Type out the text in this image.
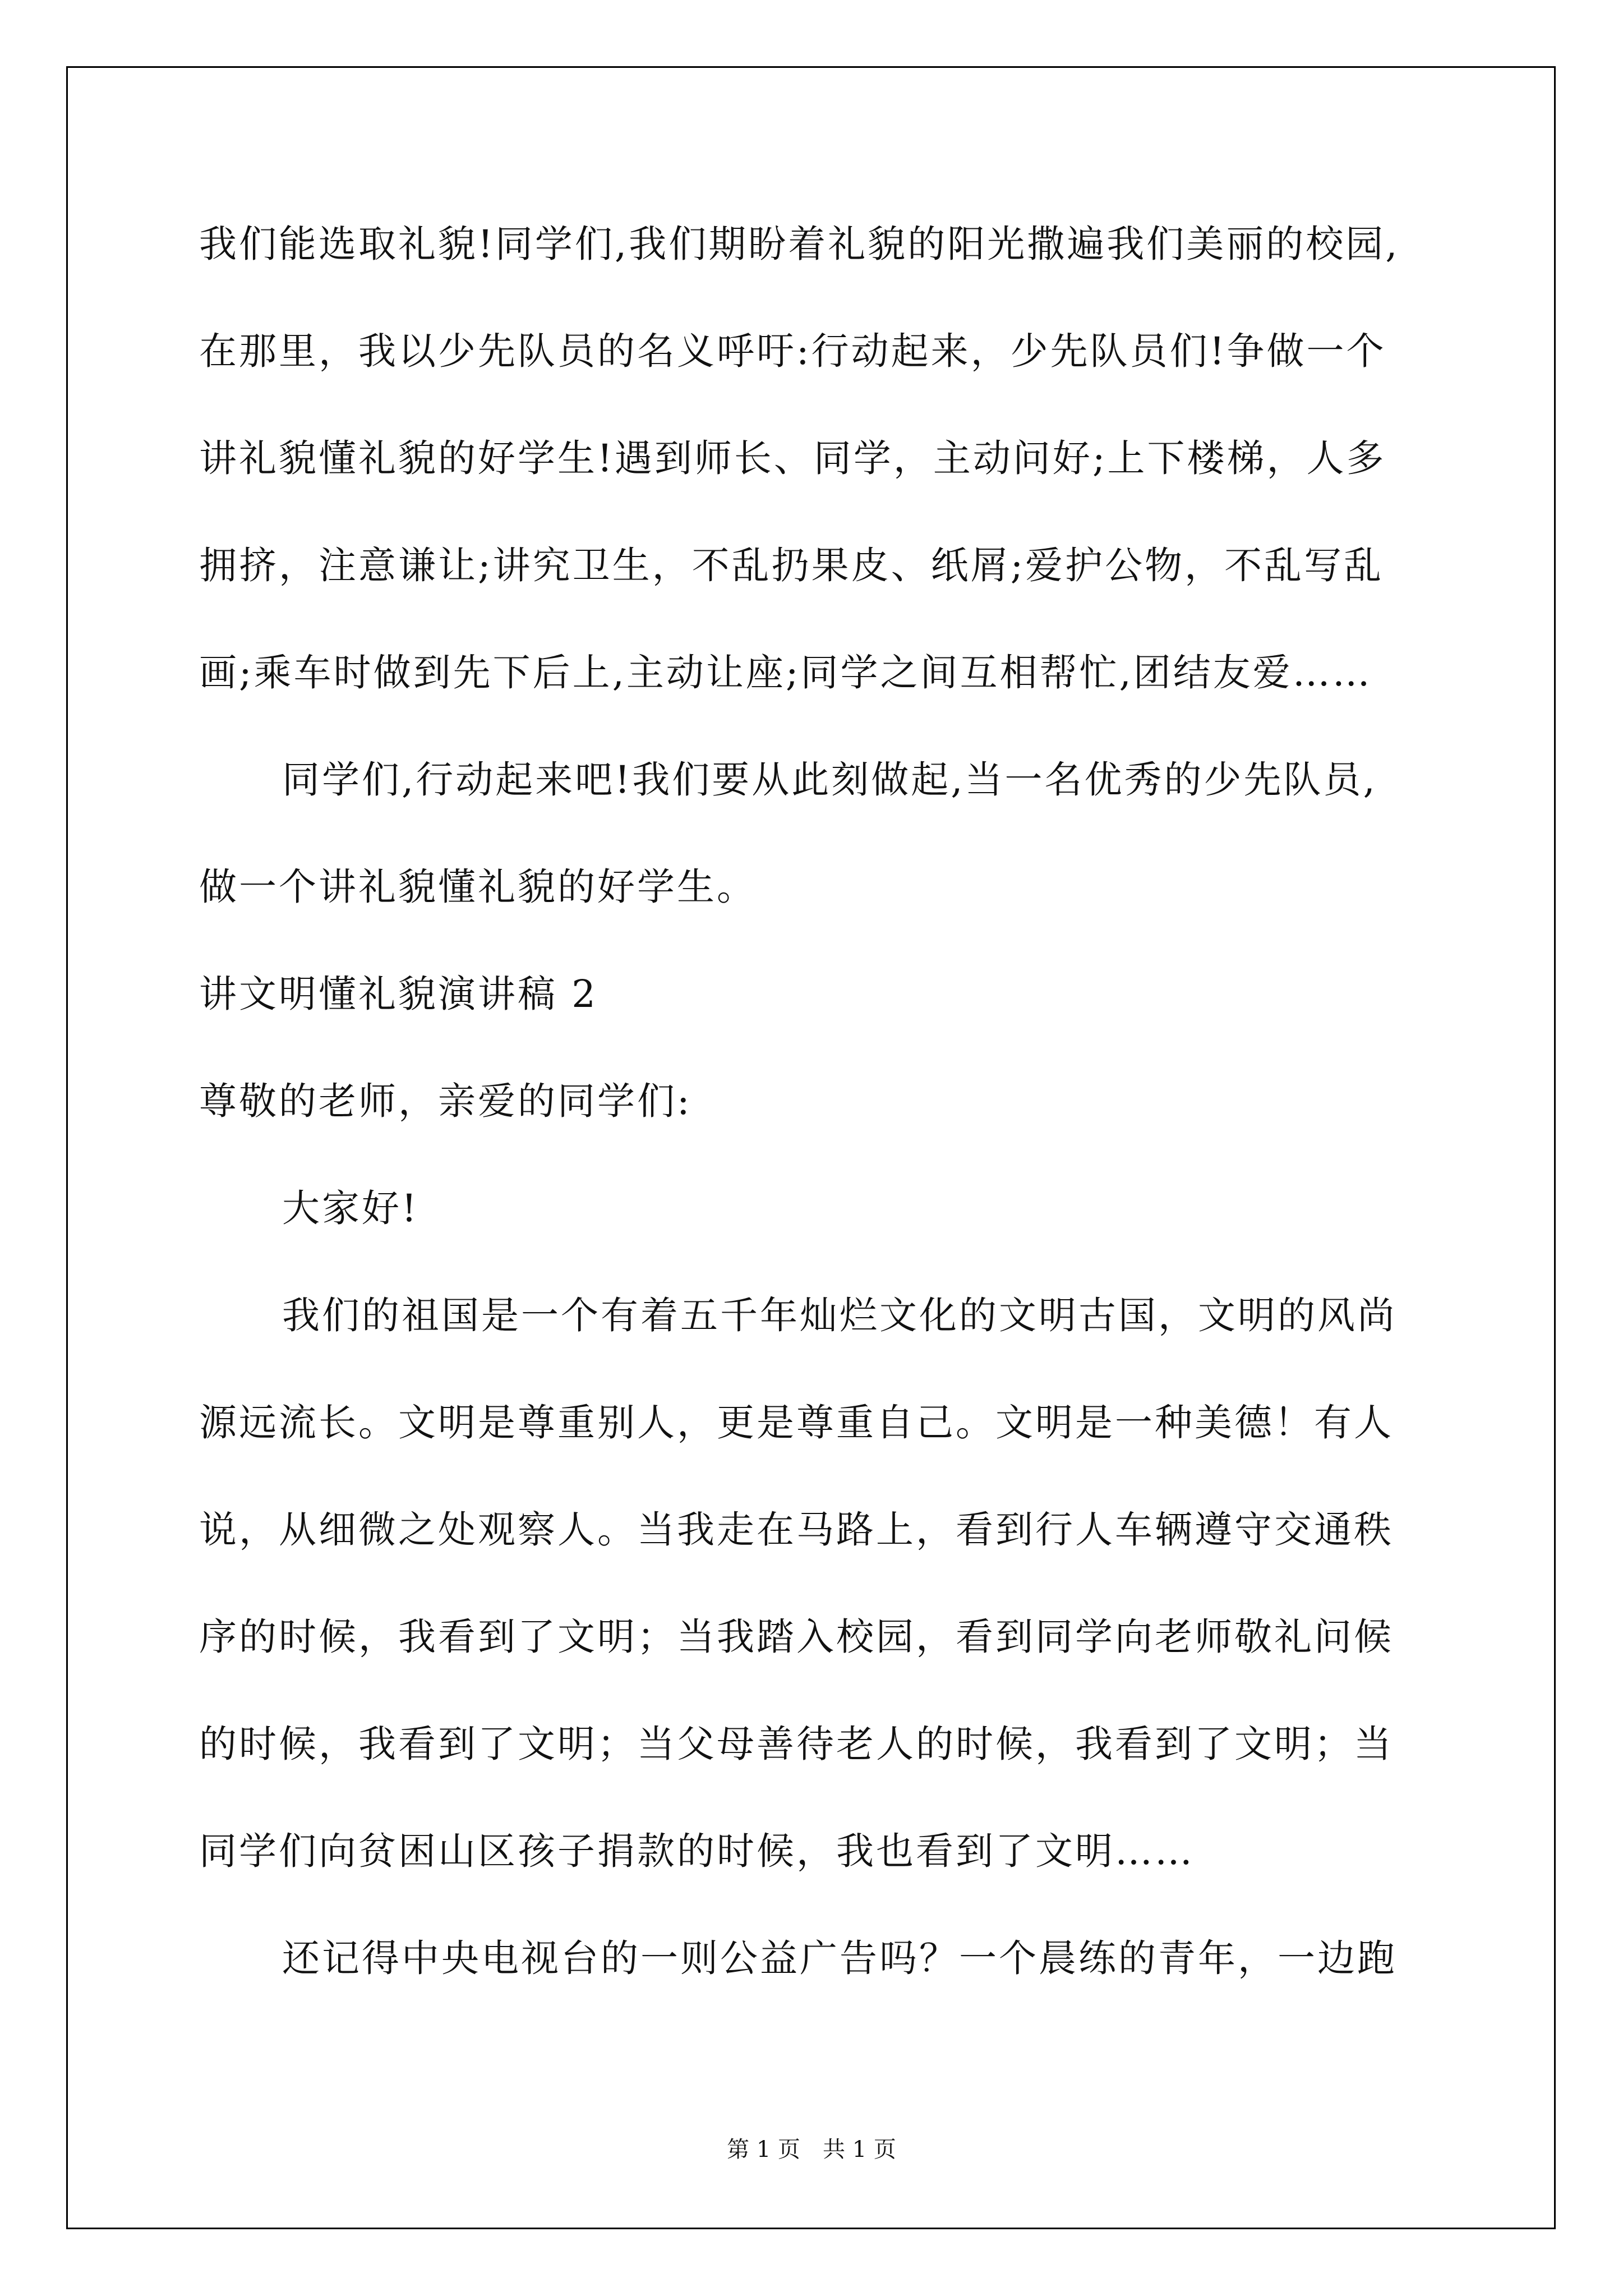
我们能选取礼貌!同学们,我们期盼着礼貌的阳光撒遍我们美丽的校园,
在那里，我以少先队员的名义呼吁:行动起来，少先队员们!争做一个
讲礼貌懂礼貌的好学生!遇到师长、同学，主动问好;上下楼梯，人多
拥挤，注意谦让;讲究卫生，不乱扔果皮、纸屑;爱护公物，不乱写乱
画;乘车时做到先下后上,主动让座;同学之间互相帮忙,团结友爱……
同学们,行动起来吧!我们要从此刻做起,当一名优秀的少先队员,
做一个讲礼貌懂礼貌的好学生。
讲文明懂礼貌演讲稿 2
尊敬的老师，亲爱的同学们:
大家好!
我们的祖国是一个有着五千年灿烂文化的文明古国，文明的风尚
源远流长。文明是尊重别人，更是尊重自己。文明是一种美德！有人
说，从细微之处观察人。当我走在马路上，看到行人车辆遵守交通秩
序的时候，我看到了文明；当我踏入校园，看到同学向老师敬礼问候
的时候，我看到了文明；当父母善待老人的时候，我看到了文明；当
同学们向贫困山区孩子捐款的时候，我也看到了文明……
还记得中央电视台的一则公益广告吗？一个晨练的青年，一边跑
第 1 页 共 1 页
